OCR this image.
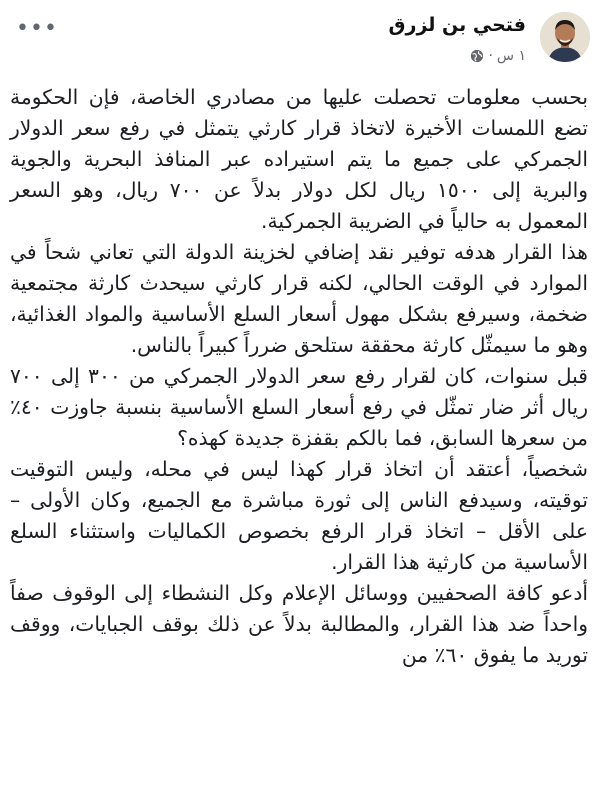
فتحي بن لزرق
١ س
·
•••

بحسب معلومات تحصلت عليها من مصادري الخاصة، فإن الحكومة تضع اللمسات الأخيرة لاتخاذ قرار كارثي يتمثل في رفع سعر الدولار الجمركي على جميع ما يتم استيراده عبر المنافذ البحرية والجوية والبرية إلى ١٥٠٠ ريال لكل دولار بدلاً عن ٧٠٠ ريال، وهو السعر المعمول به حالياً في الضريبة الجمركية.

هذا القرار هدفه توفير نقد إضافي لخزينة الدولة التي تعاني شحاً في الموارد في الوقت الحالي، لكنه قرار كارثي سيحدث كارثة مجتمعية ضخمة، وسيرفع بشكل مهول أسعار السلع الأساسية والمواد الغذائية، وهو ما سيمثّل كارثة محققة ستلحق ضرراً كبيراً بالناس.

قبل سنوات، كان لقرار رفع سعر الدولار الجمركي من ٣٠٠ إلى ٧٠٠ ريال أثر ضار تمثّل في رفع أسعار السلع الأساسية بنسبة جاوزت ٤٠٪ من سعرها السابق، فما بالكم بقفزة جديدة كهذه؟

شخصياً، أعتقد أن اتخاذ قرار كهذا ليس في محله، وليس التوقيت توقيته، وسيدفع الناس إلى ثورة مباشرة مع الجميع، وكان الأولى – على الأقل – اتخاذ قرار الرفع بخصوص الكماليات واستثناء السلع الأساسية من كارثية هذا القرار.

أدعو كافة الصحفيين ووسائل الإعلام وكل النشطاء إلى الوقوف صفاً واحداً ضد هذا القرار، والمطالبة بدلاً عن ذلك بوقف الجبايات، ووقف توريد ما يفوق ٦٠٪ من
